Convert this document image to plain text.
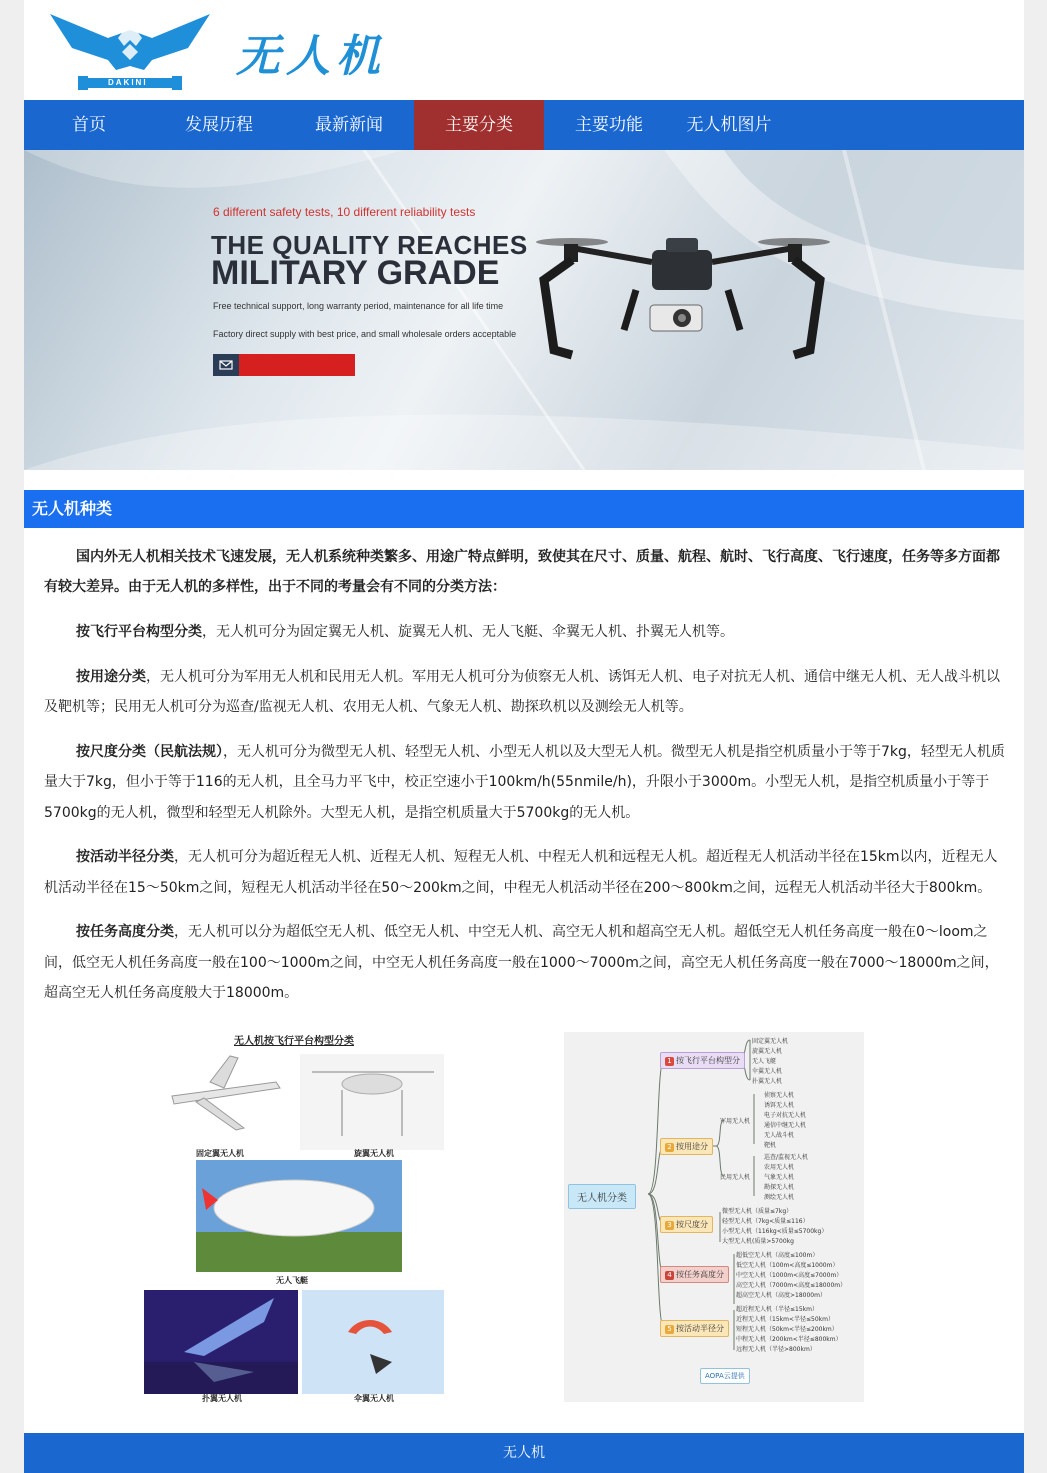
DAKINI
无人机
首页	发展历程	最新新闻	主要分类	主要功能	无人机图片
6 different safety tests, 10 different reliability tests
THE QUALITY REACHES
MILITARY GRADE
Free technical support, long warranty period, maintenance for all life time
Factory direct supply with best price, and small wholesale orders acceptable
无人机种类

国内外无人机相关技术飞速发展，无人机系统种类繁多、用途广特点鲜明，致使其在尺寸、质量、航程、航时、飞行高度、飞行速度，任务等多方面都有较大差异。由于无人机的多样性，出于不同的考量会有不同的分类方法：

按飞行平台构型分类，无人机可分为固定翼无人机、旋翼无人机、无人飞艇、伞翼无人机、扑翼无人机等。

按用途分类，无人机可分为军用无人机和民用无人机。军用无人机可分为侦察无人机、诱饵无人机、电子对抗无人机、通信中继无人机、无人战斗机以及靶机等；民用无人机可分为巡查/监视无人机、农用无人机、气象无人机、勘探玖机以及测绘无人机等。

按尺度分类（民航法规），无人机可分为微型无人机、轻型无人机、小型无人机以及大型无人机。微型无人机是指空机质量小于等于7kg，轻型无人机质量大于7kg，但小于等于116的无人机，且全马力平飞中，校正空速小于100km/h(55nmile/h)，升限小于3000m。小型无人机，是指空机质量小于等于5700kg的无人机，微型和轻型无人机除外。大型无人机，是指空机质量大于5700kg的无人机。

按活动半径分类，无人机可分为超近程无人机、近程无人机、短程无人机、中程无人机和远程无人机。超近程无人机活动半径在15km以内，近程无人机活动半径在15～50km之间，短程无人机活动半径在50～200km之间，中程无人机活动半径在200～800km之间，远程无人机活动半径大于800km。

按任务高度分类，无人机可以分为超低空无人机、低空无人机、中空无人机、高空无人机和超高空无人机。超低空无人机任务高度一般在0～loom之间，低空无人机任务高度一般在100～1000m之间，中空无人机任务高度一般在1000～7000m之间，高空无人机任务高度一般在7000～18000m之间，超高空无人机任务高度般大于18000m。

无人机按飞行平台构型分类
固定翼无人机	旋翼无人机
无人飞艇
扑翼无人机	伞翼无人机
无人机分类
1 按飞行平台构型分
固定翼无人机
旋翼无人机
无人飞艇
伞翼无人机
扑翼无人机
2 按用途分
军用无人机
侦察无人机
诱饵无人机
电子对抗无人机
通信中继无人机
无人战斗机
靶机
民用无人机
巡查/监视无人机
农用无人机
气象无人机
勘探无人机
测绘无人机
3 按尺度分
微型无人机（质量≤7kg）
轻型无人机（7kg<质量≤116）
小型无人机（116kg<质量≤5700kg）
大型无人机(质量>5700kg
4 按任务高度分
超低空无人机（高度≤100m）
低空无人机（100m<高度≤1000m）
中空无人机（1000m<高度≤7000m）
高空无人机（7000m<高度≤18000m）
超高空无人机（高度>18000m）
5 按活动半径分
超近程无人机（半径≤15km）
近程无人机（15km<半径≤50km）
短程无人机（50km<半径≤200km）
中程无人机（200km<半径≤800km）
远程无人机（半径>800km）
AOPA云提供
无人机
